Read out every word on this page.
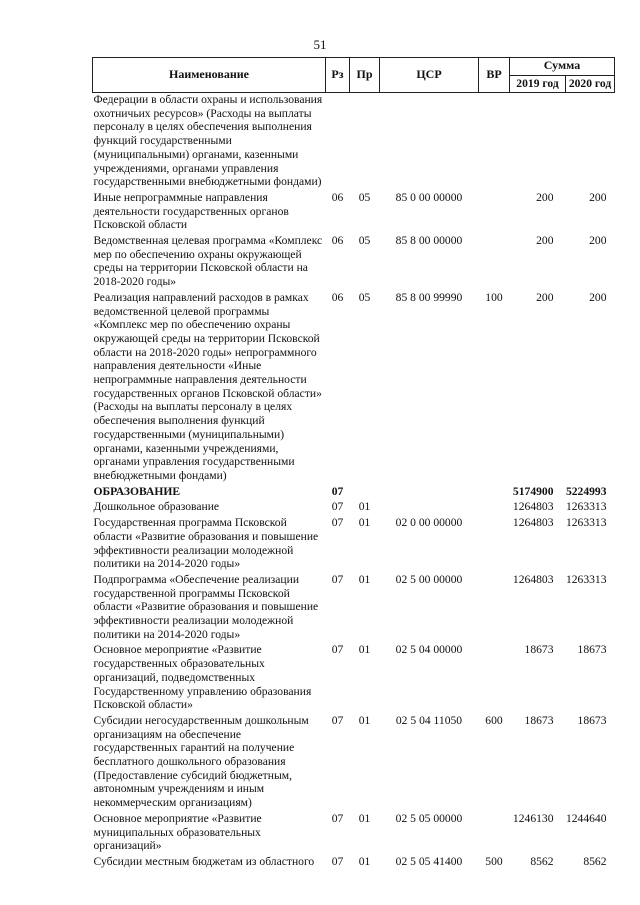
51
Наименование	Рз	Пр	ЦСР	ВР	Сумма	
					2019 год	2020 год
Федерации в области охраны и использования охотничьих ресурсов» (Расходы на выплаты персоналу в целях обеспечения выполнения функций государственными (муниципальными) органами, казенными учреждениями, органами управления государственными внебюджетными фондами)						
Иные непрограммные направления деятельности государственных органов Псковской области	06	05	85 0 00 00000		200	200
Ведомственная целевая программа «Комплекс мер по обеспечению охраны окружающей среды на территории Псковской области на 2018-2020 годы»	06	05	85 8 00 00000		200	200
Реализация направлений расходов в рамках ведомственной целевой программы «Комплекс мер по обеспечению охраны окружающей среды на территории Псковской области на 2018-2020 годы» непрограммного направления деятельности «Иные непрограммные направления деятельности государственных органов Псковской области» (Расходы на выплаты персоналу в целях обеспечения выполнения функций государственными (муниципальными) органами, казенными учреждениями, органами управления государственными внебюджетными фондами)	06	05	85 8 00 99990	100	200	200
ОБРАЗОВАНИЕ	07				5174900	5224993
Дошкольное образование	07	01			1264803	1263313
Государственная программа Псковской области «Развитие образования и повышение эффективности реализации молодежной политики на 2014-2020 годы»	07	01	02 0 00 00000		1264803	1263313
Подпрограмма «Обеспечение реализации государственной программы Псковской области «Развитие образования и повышение эффективности реализации молодежной политики на 2014-2020 годы»	07	01	02 5 00 00000		1264803	1263313
Основное мероприятие «Развитие государственных образовательных организаций, подведомственных Государственному управлению образования Псковской области»	07	01	02 5 04 00000		18673	18673
Субсидии негосударственным дошкольным организациям на обеспечение государственных гарантий на получение бесплатного дошкольного образования (Предоставление субсидий бюджетным, автономным учреждениям и иным некоммерческим организациям)	07	01	02 5 04 11050	600	18673	18673
Основное мероприятие «Развитие муниципальных образовательных организаций»	07	01	02 5 05 00000		1246130	1244640
Субсидии местным бюджетам из областного	07	01	02 5 05 41400	500	8562	8562
